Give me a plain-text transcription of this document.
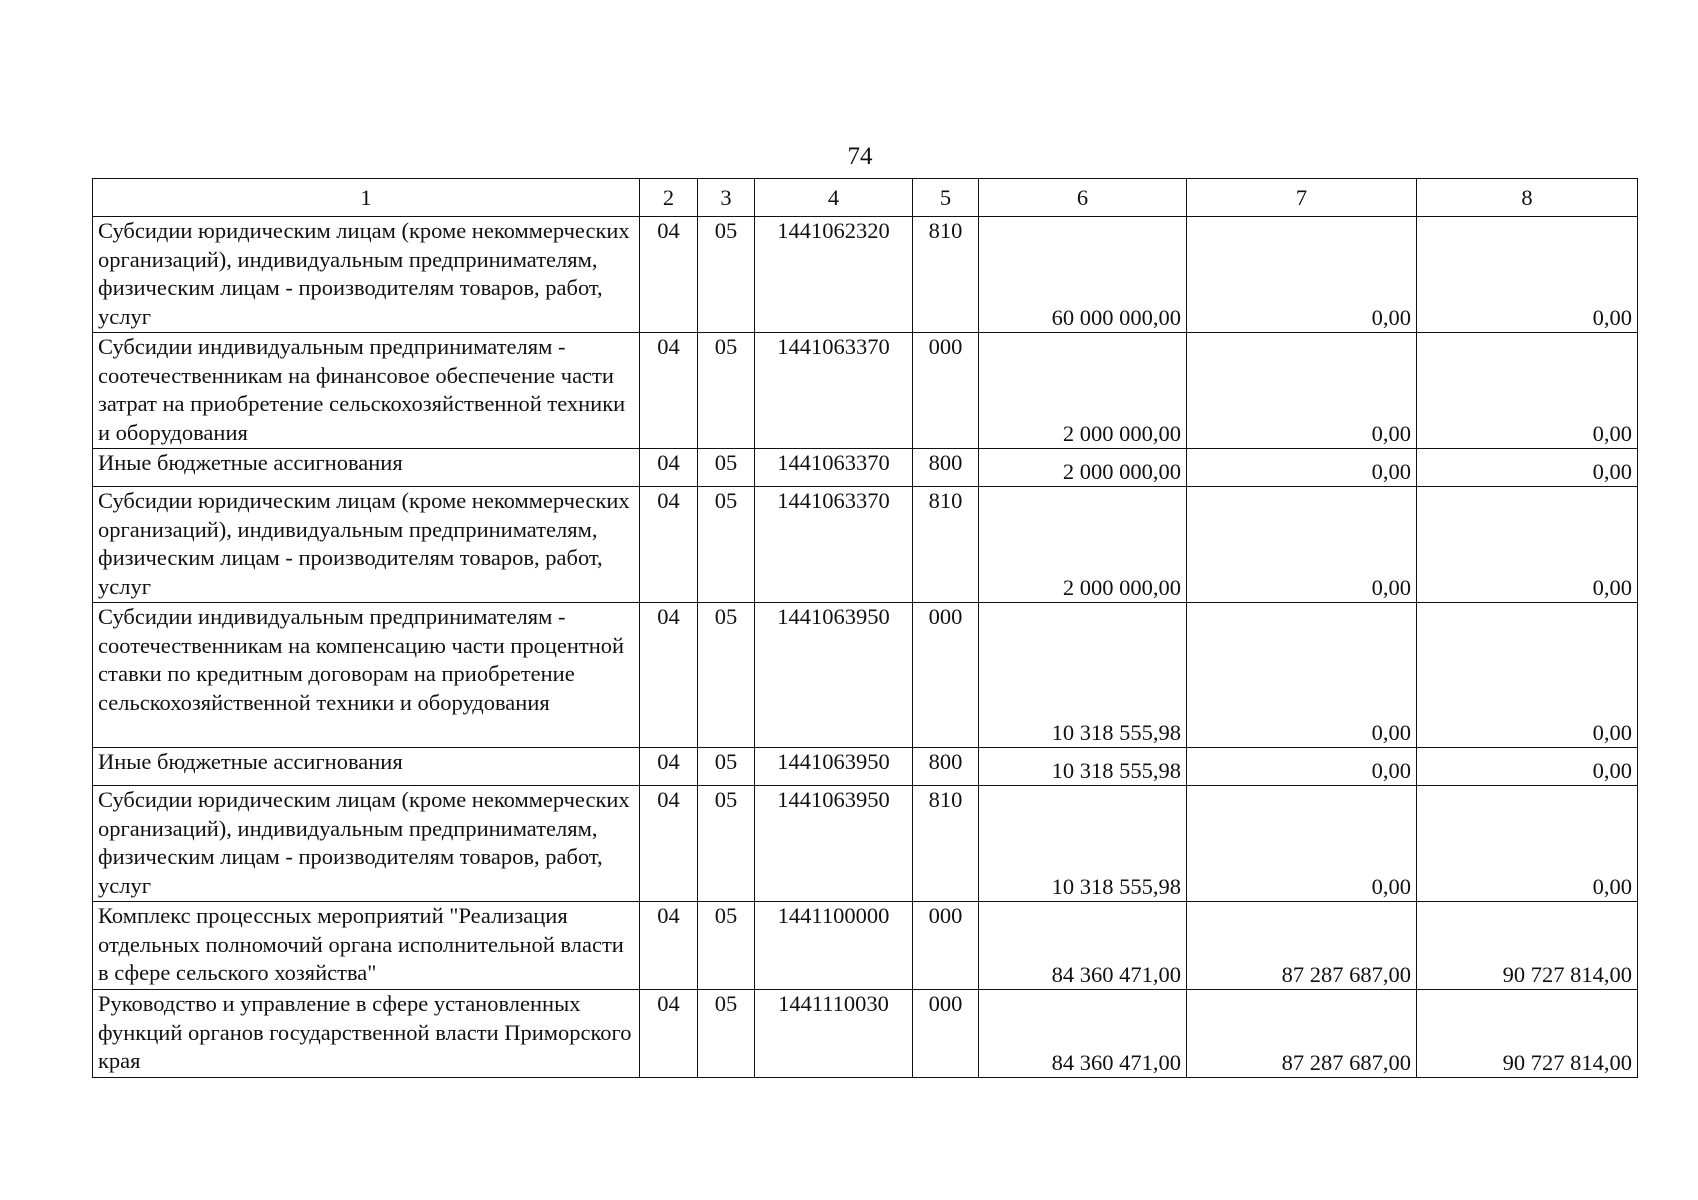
74
1	2	3	4	5	6	7	8
Субсидии юридическим лицам (кроме некоммерческих организаций), индивидуальным предпринимателям, физическим лицам - производителям товаров, работ, услуг	04	05	1441062320	810	60 000 000,00	0,00	0,00
Субсидии индивидуальным предпринимателям - соотечественникам на финансовое обеспечение части затрат на приобретение сельскохозяйственной техники и оборудования	04	05	1441063370	000	2 000 000,00	0,00	0,00
Иные бюджетные ассигнования	04	05	1441063370	800	2 000 000,00	0,00	0,00
Субсидии юридическим лицам (кроме некоммерческих организаций), индивидуальным предпринимателям, физическим лицам - производителям товаров, работ, услуг	04	05	1441063370	810	2 000 000,00	0,00	0,00
Субсидии индивидуальным предпринимателям - соотечественникам на компенсацию части процентной ставки по кредитным договорам на приобретение сельскохозяйственной техники и оборудования	04	05	1441063950	000	10 318 555,98	0,00	0,00
Иные бюджетные ассигнования	04	05	1441063950	800	10 318 555,98	0,00	0,00
Субсидии юридическим лицам (кроме некоммерческих организаций), индивидуальным предпринимателям, физическим лицам - производителям товаров, работ, услуг	04	05	1441063950	810	10 318 555,98	0,00	0,00
Комплекс процессных мероприятий "Реализация отдельных полномочий органа исполнительной власти в сфере сельского хозяйства"	04	05	1441100000	000	84 360 471,00	87 287 687,00	90 727 814,00
Руководство и управление в сфере установленных функций органов государственной власти Приморского края	04	05	1441110030	000	84 360 471,00	87 287 687,00	90 727 814,00
